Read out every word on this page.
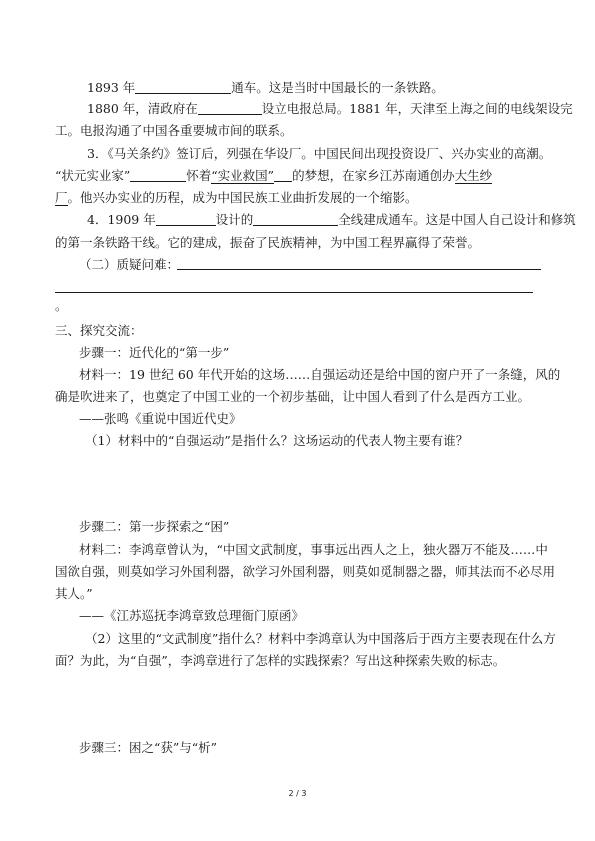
1893 年	通车。这是当时中国最长的一条铁路。
1880 年，清政府在	设立电报总局。1881 年，天津至上海之间的电线架设完
工。电报沟通了中国各重要城市间的联系。
3．《马关条约》签订后，列强在华设厂。中国民间出现投资设厂、兴办实业的高潮。
“状元实业家”	怀着“实业救国” 的梦想，在家乡江苏南通创办大生纱
厂。他兴办实业的历程，成为中国民族工业曲折发展的一个缩影。
4．1909 年	设计的	全线建成通车。这是中国人自己设计和修筑
的第一条铁路干线。它的建成，振奋了民族精神，为中国工程界赢得了荣誉。
（二）质疑问难：
。
三、探究交流：
步骤一：近代化的“第一步”
材料一：19 世纪 60 年代开始的这场……自强运动还是给中国的窗户开了一条缝，风的
确是吹进来了，也奠定了中国工业的一个初步基础，让中国人看到了什么是西方工业。
——张鸣《重说中国近代史》
（1）材料中的“自强运动”是指什么？这场运动的代表人物主要有谁？
步骤二：第一步探索之“困”
材料二：李鸿章曾认为，“中国文武制度，事事远出西人之上，独火器万不能及……中
国欲自强，则莫如学习外国利器，欲学习外国利器，则莫如觅制器之器，师其法而不必尽用
其人。”
——《江苏巡抚李鸿章致总理衙门原函》
（2）这里的“文武制度”指什么？材料中李鸿章认为中国落后于西方主要表现在什么方
面？为此，为“自强”，李鸿章进行了怎样的实践探索？写出这种探索失败的标志。
步骤三：困之“获”与“析”
2 / 3
